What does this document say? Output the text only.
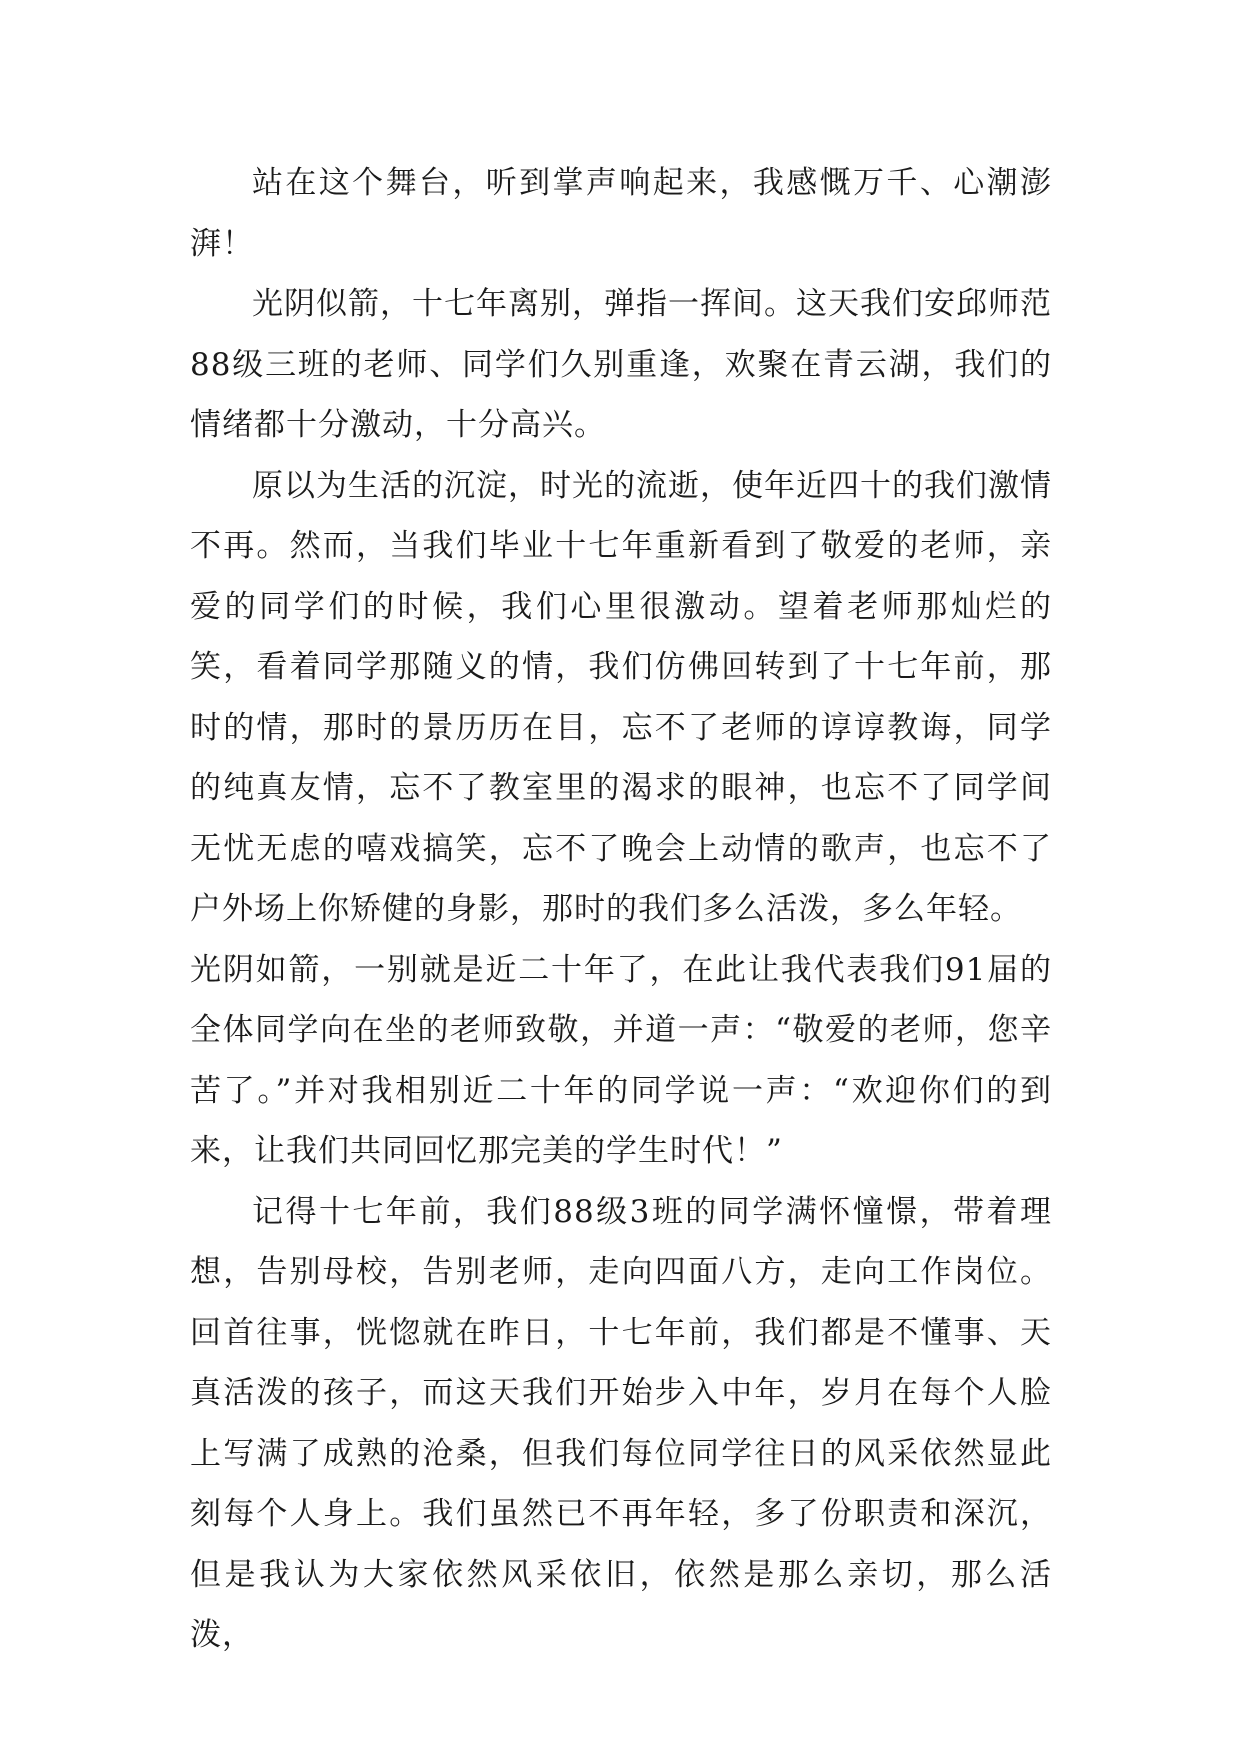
站在这个舞台，听到掌声响起来，我感慨万千、心潮澎湃！

光阴似箭，十七年离别，弹指一挥间。这天我们安邱师范88级三班的老师、同学们久别重逢，欢聚在青云湖，我们的情绪都十分激动，十分高兴。

原以为生活的沉淀，时光的流逝，使年近四十的我们激情不再。然而，当我们毕业十七年重新看到了敬爱的老师，亲爱的同学们的时候，我们心里很激动。望着老师那灿烂的笑，看着同学那随义的情，我们仿佛回转到了十七年前，那时的情，那时的景历历在目，忘不了老师的谆谆教诲，同学的纯真友情，忘不了教室里的渴求的眼神，也忘不了同学间无忧无虑的嘻戏搞笑，忘不了晚会上动情的歌声，也忘不了户外场上你矫健的身影，那时的我们多么活泼，多么年轻。

光阴如箭，一别就是近二十年了，在此让我代表我们91届的全体同学向在坐的老师致敬，并道一声：“敬爱的老师，您辛苦了。”并对我相别近二十年的同学说一声：“欢迎你们的到来，让我们共同回忆那完美的学生时代！”

记得十七年前，我们88级3班的同学满怀憧憬，带着理想，告别母校，告别老师，走向四面八方，走向工作岗位。回首往事，恍惚就在昨日，十七年前，我们都是不懂事、天真活泼的孩子，而这天我们开始步入中年，岁月在每个人脸上写满了成熟的沧桑，但我们每位同学往日的风采依然显此刻每个人身上。我们虽然已不再年轻，多了份职责和深沉，但是我认为大家依然风采依旧，依然是那么亲切，那么活泼，
